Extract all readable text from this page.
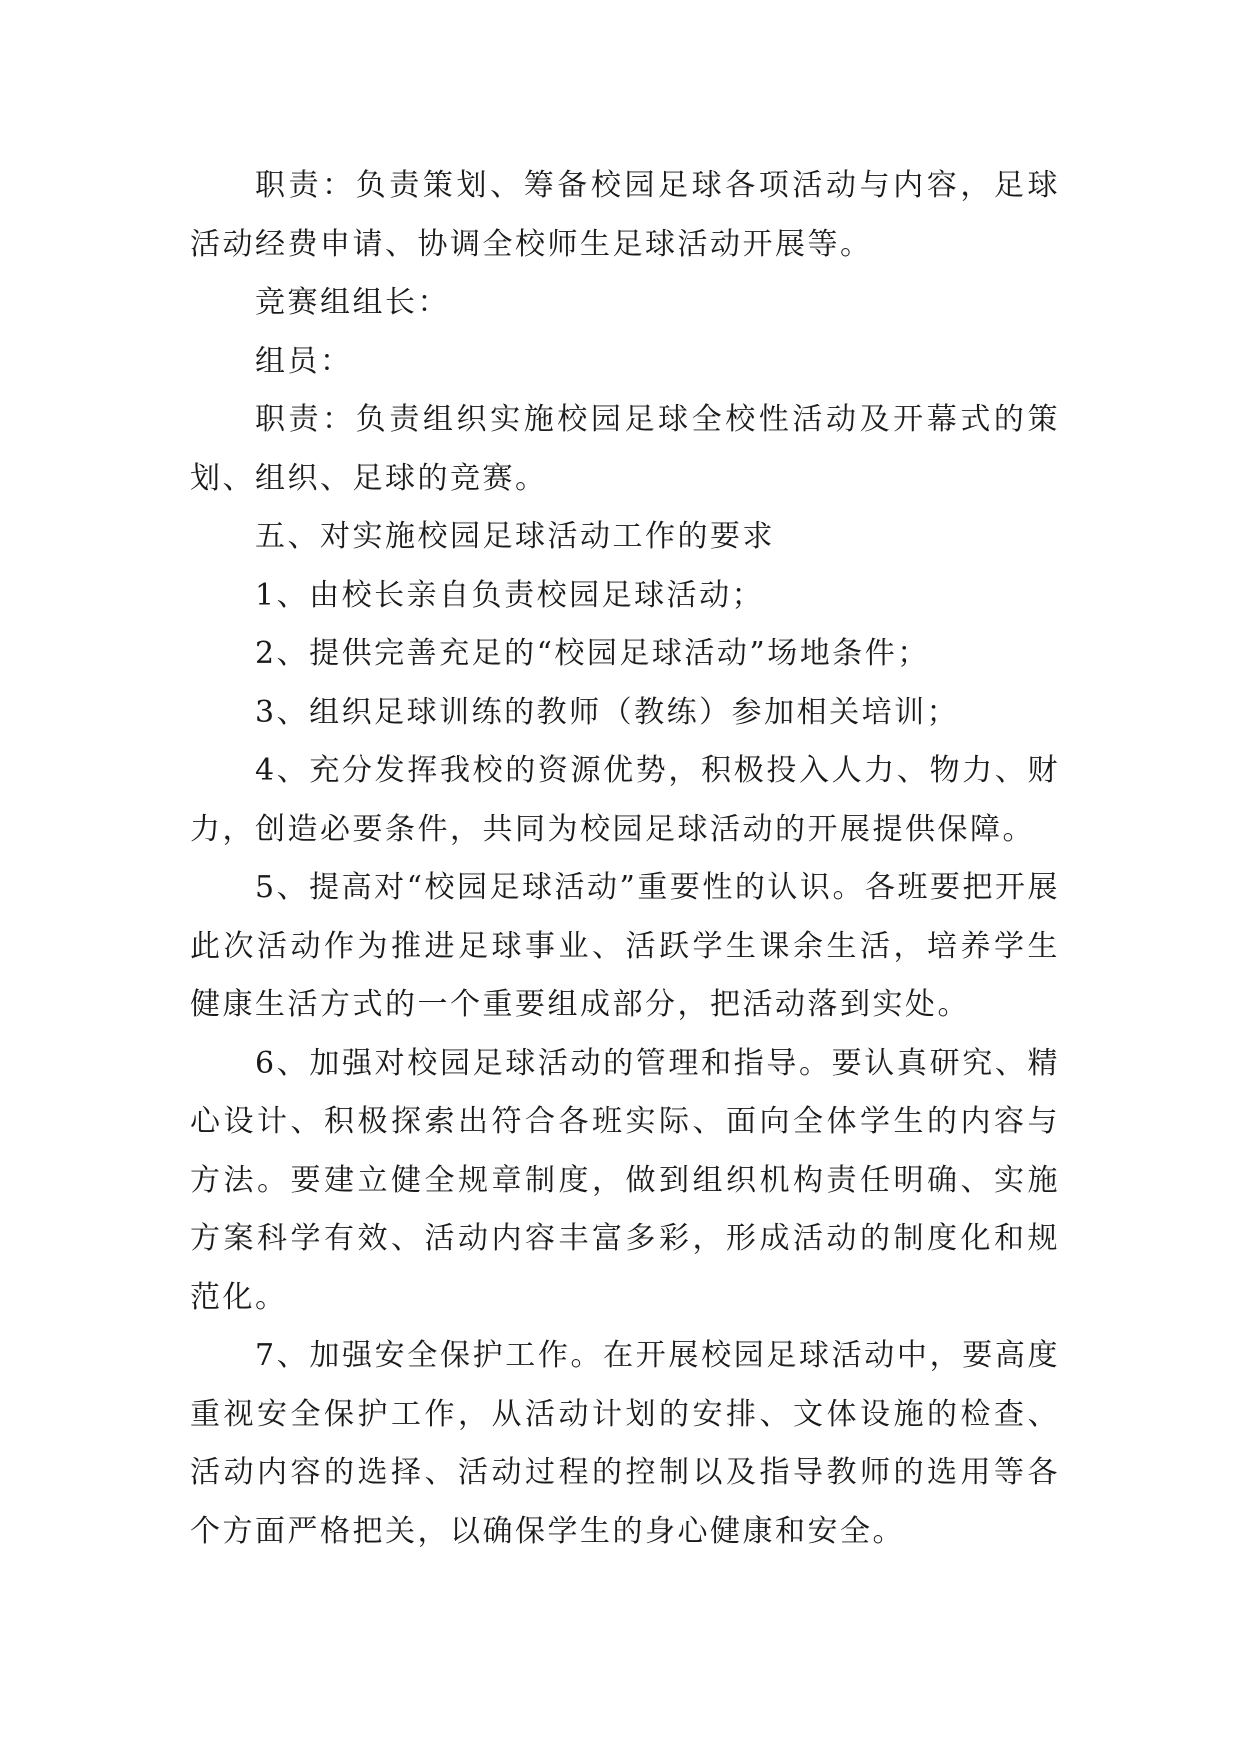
职责：负责策划、筹备校园足球各项活动与内容，足球活动经费申请、协调全校师生足球活动开展等。

竞赛组组长：

组员：

职责：负责组织实施校园足球全校性活动及开幕式的策划、组织、足球的竞赛。

五、对实施校园足球活动工作的要求

1、由校长亲自负责校园足球活动；

2、提供完善充足的“校园足球活动”场地条件；

3、组织足球训练的教师（教练）参加相关培训；

4、充分发挥我校的资源优势，积极投入人力、物力、财力，创造必要条件，共同为校园足球活动的开展提供保障。

5、提高对“校园足球活动”重要性的认识。各班要把开展此次活动作为推进足球事业、活跃学生课余生活，培养学生健康生活方式的一个重要组成部分，把活动落到实处。

6、加强对校园足球活动的管理和指导。要认真研究、精心设计、积极探索出符合各班实际、面向全体学生的内容与方法。要建立健全规章制度，做到组织机构责任明确、实施方案科学有效、活动内容丰富多彩，形成活动的制度化和规范化。

7、加强安全保护工作。在开展校园足球活动中，要高度重视安全保护工作，从活动计划的安排、文体设施的检查、活动内容的选择、活动过程的控制以及指导教师的选用等各个方面严格把关，以确保学生的身心健康和安全。
